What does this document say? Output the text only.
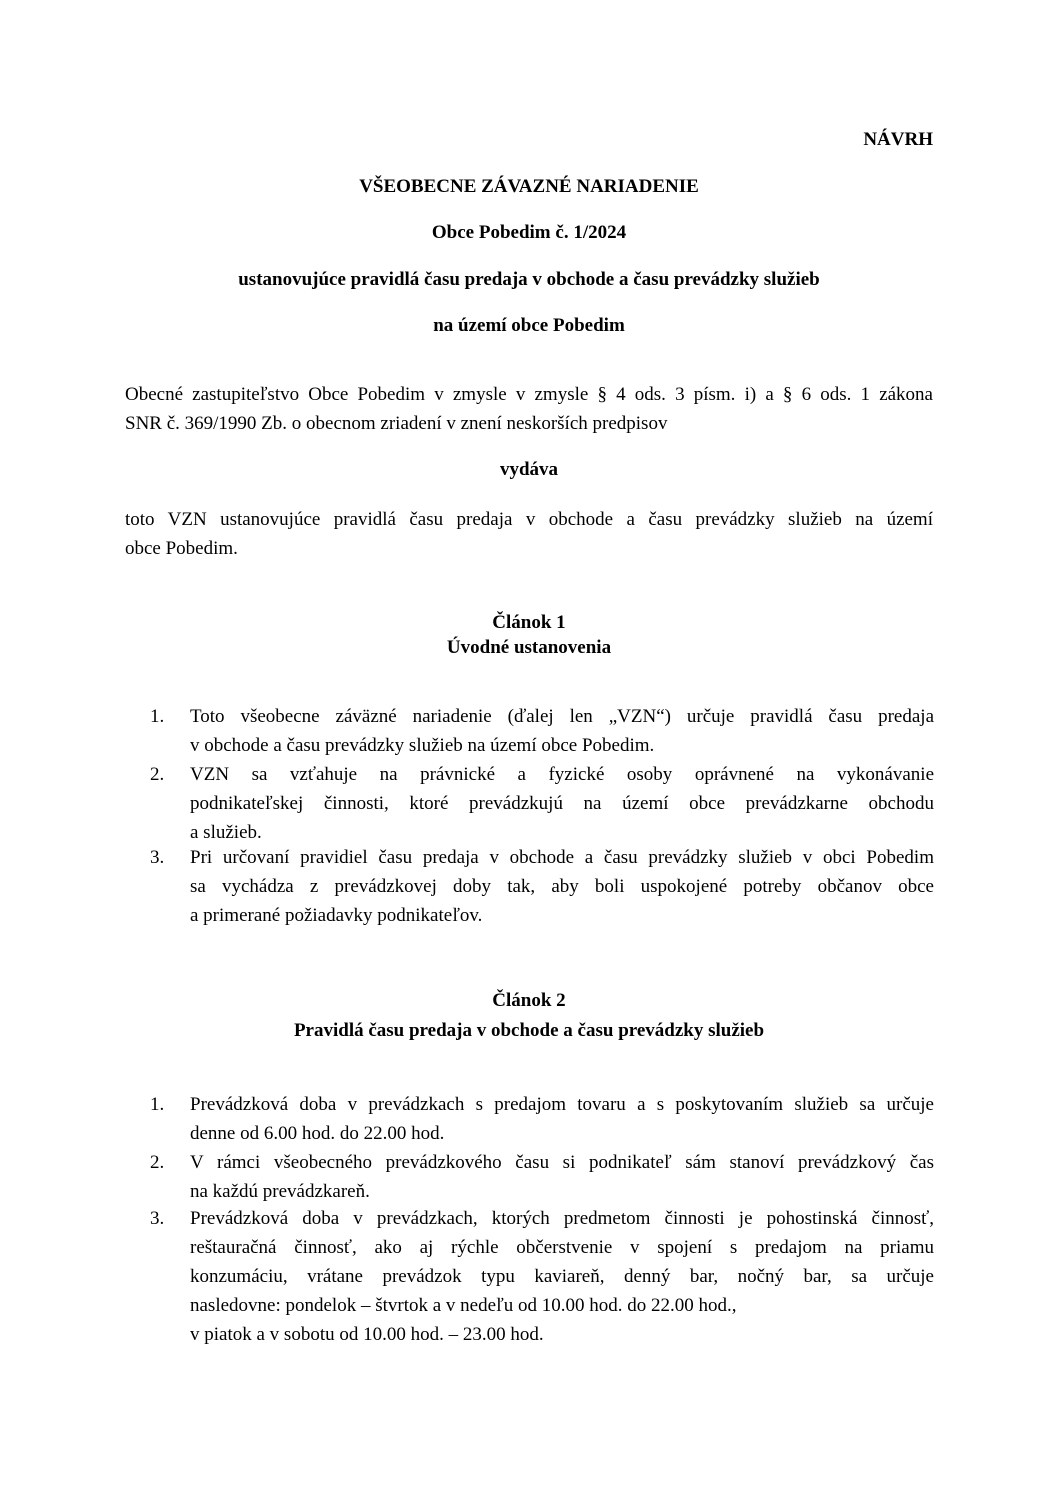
NÁVRH
VŠEOBECNE ZÁVAZNÉ NARIADENIE
Obce Pobedim č. 1/2024
ustanovujúce pravidlá času predaja v obchode a času prevádzky služieb
na území obce Pobedim
Obecné zastupiteľstvo Obce Pobedim v zmysle v zmysle § 4 ods. 3 písm. i) a § 6 ods. 1 zákona
SNR č. 369/1990 Zb. o obecnom zriadení v znení neskorších predpisov
vydáva
toto VZN ustanovujúce pravidlá času predaja v obchode a času prevádzky služieb na území
obce Pobedim.
Článok 1
Úvodné ustanovenia
1.	Toto všeobecne záväzné nariadenie (ďalej len „VZN“) určuje pravidlá času predaja
v obchode a času prevádzky služieb na území obce Pobedim.
2.	VZN sa vzťahuje na právnické a fyzické osoby oprávnené na vykonávanie
podnikateľskej činnosti, ktoré prevádzkujú na území obce prevádzkarne obchodu
a služieb.
3.	Pri určovaní pravidiel času predaja v obchode a času prevádzky služieb v obci Pobedim
sa vychádza z prevádzkovej doby tak, aby boli uspokojené potreby občanov obce
a primerané požiadavky podnikateľov.
Článok 2
Pravidlá času predaja v obchode a času prevádzky služieb
1.	Prevádzková doba v prevádzkach s predajom tovaru a s poskytovaním služieb sa určuje
denne od 6.00 hod. do 22.00 hod.
2.	V rámci všeobecného prevádzkového času si podnikateľ sám stanoví prevádzkový čas
na každú prevádzkareň.
3.	Prevádzková doba v prevádzkach, ktorých predmetom činnosti je pohostinská činnosť,
reštauračná činnosť, ako aj rýchle občerstvenie v spojení s predajom na priamu
konzumáciu, vrátane prevádzok typu kaviareň, denný bar, nočný bar, sa určuje
nasledovne: pondelok – štvrtok a v nedeľu od 10.00 hod. do 22.00 hod.,
v piatok a v sobotu od 10.00 hod. – 23.00 hod.
